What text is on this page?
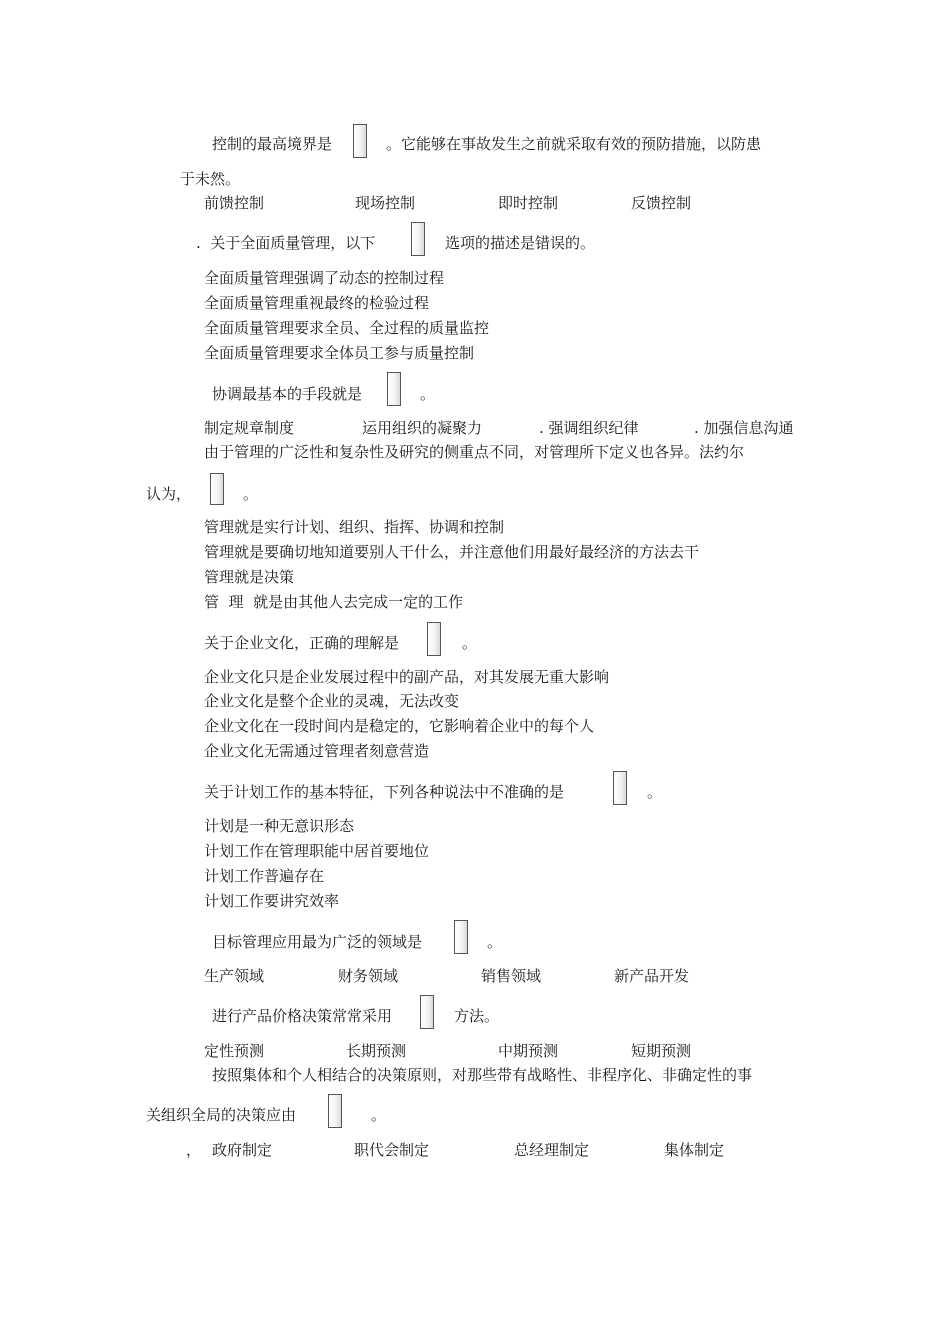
控制的最高境界是	。它能够在事故发生之前就采取有效的预防措施，以防患
于未然。
前馈控制	现场控制	即时控制	反馈控制
.  关于全面质量管理，以下	选项的描述是错误的。
全面质量管理强调了动态的控制过程
全面质量管理重视最终的检验过程
全面质量管理要求全员、全过程的质量监控
全面质量管理要求全体员工参与质量控制
协调最基本的手段就是	。
制定规章制度	运用组织的凝聚力	. 强调组织纪律	. 加强信息沟通
由于管理的广泛性和复杂性及研究的侧重点不同，对管理所下定义也各异。法约尔
认为，	。
管理就是实行计划、组织、指挥、协调和控制
管理就是要确切地知道要别人干什么，并注意他们用最好最经济的方法去干
管理就是决策
管  理  就是由其他人去完成一定的工作
关于企业文化，正确的理解是	。
企业文化只是企业发展过程中的副产品，对其发展无重大影响
企业文化是整个企业的灵魂，无法改变
企业文化在一段时间内是稳定的，它影响着企业中的每个人
企业文化无需通过管理者刻意营造
关于计划工作的基本特征，下列各种说法中不准确的是	。
计划是一种无意识形态
计划工作在管理职能中居首要地位
计划工作普遍存在
计划工作要讲究效率
目标管理应用最为广泛的领域是	。
生产领域	财务领域	销售领域	新产品开发
进行产品价格决策常常采用	方法。
定性预测	长期预测	中期预测	短期预测
按照集体和个人相结合的决策原则，对那些带有战略性、非程序化、非确定性的事
关组织全局的决策应由	。
， 政府制定	职代会制定	总经理制定	集体制定
